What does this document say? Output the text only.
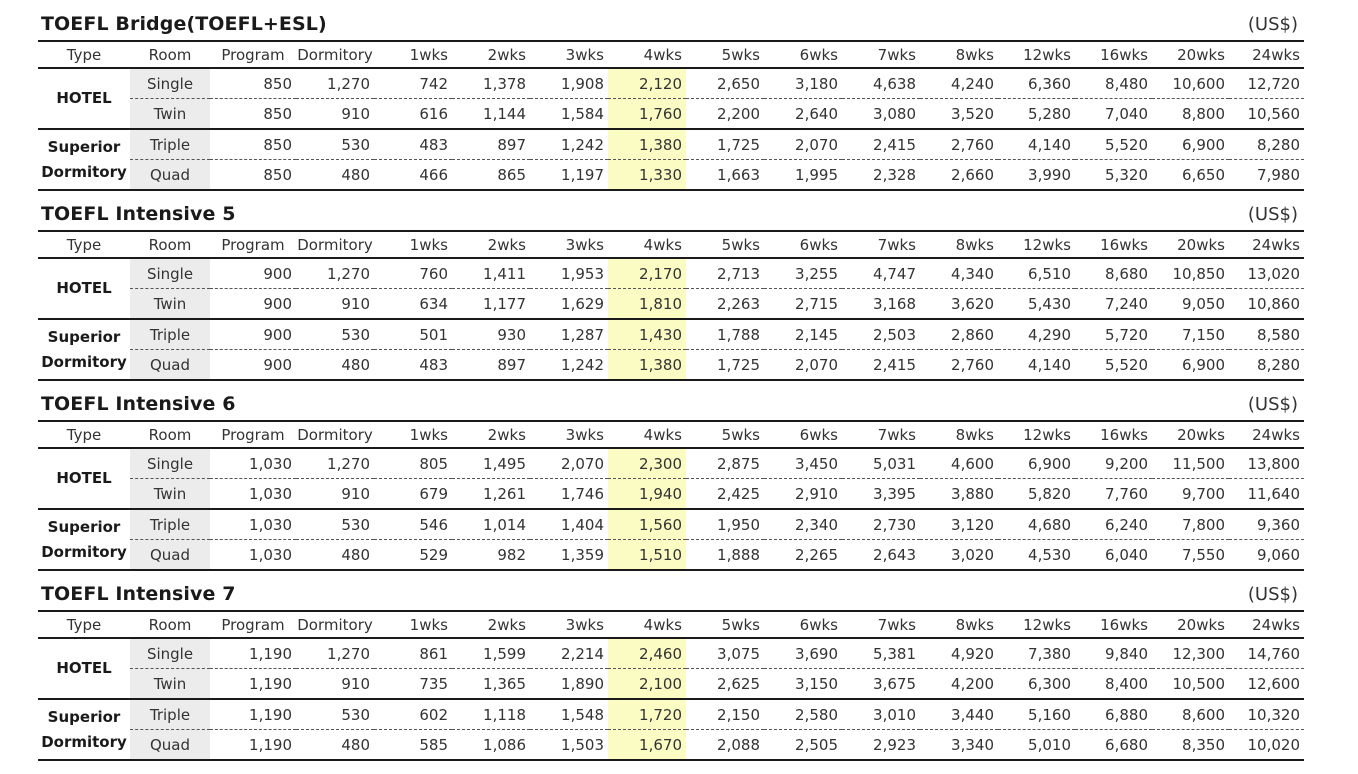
TOEFL Bridge(TOEFL+ESL)	(US$)
Type	Room	Program	Dormitory	1wks	2wks	3wks	4wks	5wks	6wks	7wks	8wks	12wks	16wks	20wks	24wks
HOTEL	Single	850	1,270	742	1,378	1,908	2,120	2,650	3,180	4,638	4,240	6,360	8,480	10,600	12,720
	Twin	850	910	616	1,144	1,584	1,760	2,200	2,640	3,080	3,520	5,280	7,040	8,800	10,560
Superior
Dormitory	Triple	850	530	483	897	1,242	1,380	1,725	2,070	2,415	2,760	4,140	5,520	6,900	8,280
	Quad	850	480	466	865	1,197	1,330	1,663	1,995	2,328	2,660	3,990	5,320	6,650	7,980
TOEFL Intensive 5	(US$)
Type	Room	Program	Dormitory	1wks	2wks	3wks	4wks	5wks	6wks	7wks	8wks	12wks	16wks	20wks	24wks
HOTEL	Single	900	1,270	760	1,411	1,953	2,170	2,713	3,255	4,747	4,340	6,510	8,680	10,850	13,020
	Twin	900	910	634	1,177	1,629	1,810	2,263	2,715	3,168	3,620	5,430	7,240	9,050	10,860
Superior
Dormitory	Triple	900	530	501	930	1,287	1,430	1,788	2,145	2,503	2,860	4,290	5,720	7,150	8,580
	Quad	900	480	483	897	1,242	1,380	1,725	2,070	2,415	2,760	4,140	5,520	6,900	8,280
TOEFL Intensive 6	(US$)
Type	Room	Program	Dormitory	1wks	2wks	3wks	4wks	5wks	6wks	7wks	8wks	12wks	16wks	20wks	24wks
HOTEL	Single	1,030	1,270	805	1,495	2,070	2,300	2,875	3,450	5,031	4,600	6,900	9,200	11,500	13,800
	Twin	1,030	910	679	1,261	1,746	1,940	2,425	2,910	3,395	3,880	5,820	7,760	9,700	11,640
Superior
Dormitory	Triple	1,030	530	546	1,014	1,404	1,560	1,950	2,340	2,730	3,120	4,680	6,240	7,800	9,360
	Quad	1,030	480	529	982	1,359	1,510	1,888	2,265	2,643	3,020	4,530	6,040	7,550	9,060
TOEFL Intensive 7	(US$)
Type	Room	Program	Dormitory	1wks	2wks	3wks	4wks	5wks	6wks	7wks	8wks	12wks	16wks	20wks	24wks
HOTEL	Single	1,190	1,270	861	1,599	2,214	2,460	3,075	3,690	5,381	4,920	7,380	9,840	12,300	14,760
	Twin	1,190	910	735	1,365	1,890	2,100	2,625	3,150	3,675	4,200	6,300	8,400	10,500	12,600
Superior
Dormitory	Triple	1,190	530	602	1,118	1,548	1,720	2,150	2,580	3,010	3,440	5,160	6,880	8,600	10,320
	Quad	1,190	480	585	1,086	1,503	1,670	2,088	2,505	2,923	3,340	5,010	6,680	8,350	10,020
